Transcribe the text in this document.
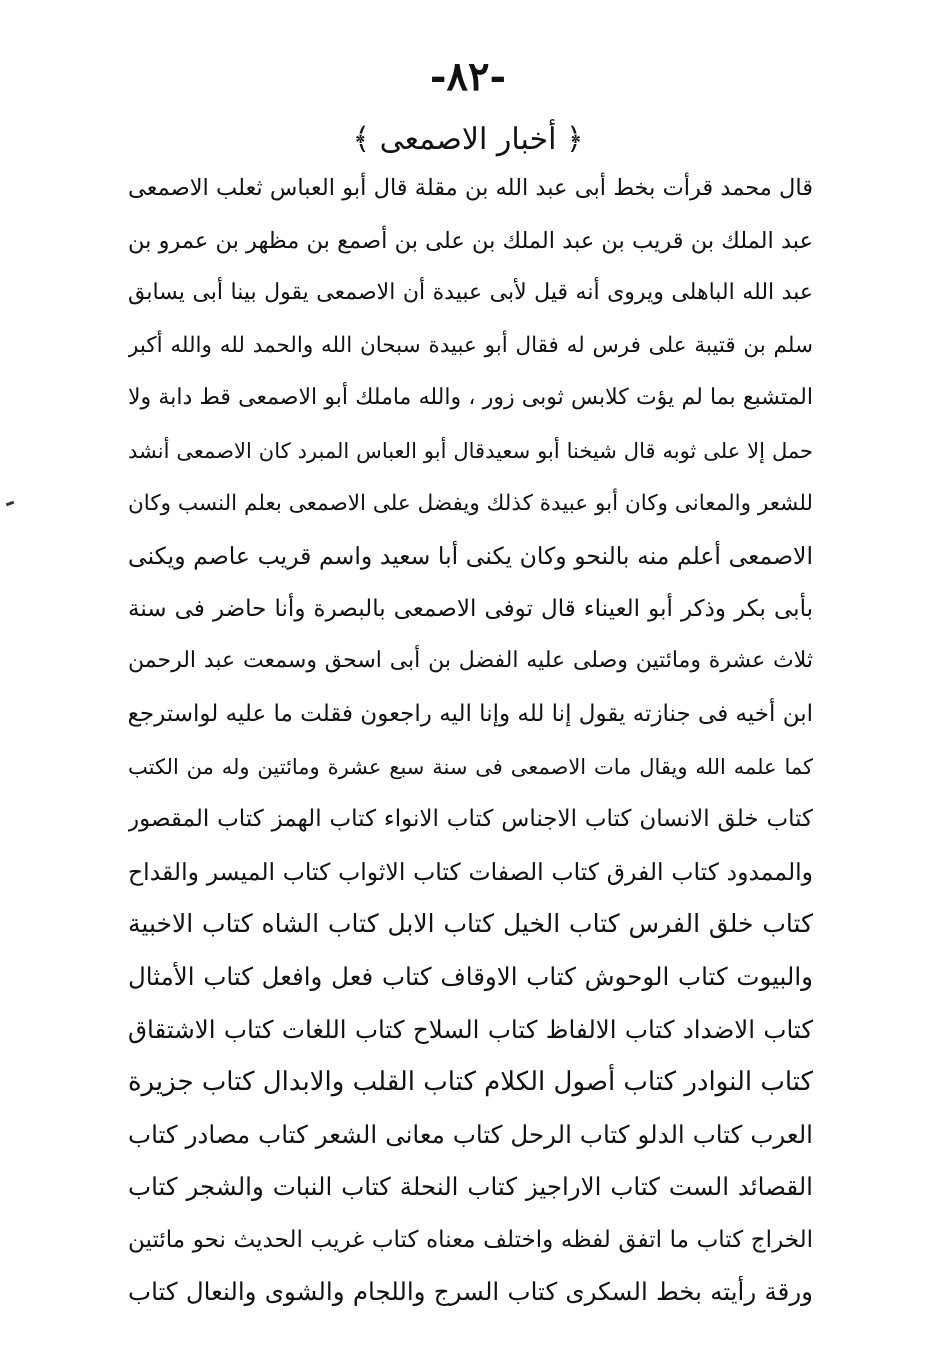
-٨٢-
﴿ أخبار الاصمعى ﴾
قال محمد قرأت بخط أبى عبد الله بن مقلة قال أبو العباس ثعلب الاصمعى
عبد الملك بن قريب بن عبد الملك بن على بن أصمع بن مظهر بن عمرو بن
عبد الله الباهلى ويروى أنه قيل لأبى عبيدة أن الاصمعى يقول بينا أبى يسابق
سلم بن قتيبة على فرس له فقال أبو عبيدة سبحان الله والحمد لله والله أكبر
المتشبع بما لم يؤت كلابس ثوبى زور ، والله ماملك أبو الاصمعى قط دابة ولا
حمل إلا على ثوبه قال شيخنا أبو سعيدقال أبو العباس المبرد كان الاصمعى أنشد
للشعر والمعانى وكان أبو عبيدة كذلك ويفضل على الاصمعى بعلم النسب وكان
الاصمعى أعلم منه بالنحو وكان يكنى أبا سعيد واسم قريب عاصم ويكنى
بأبى بكر وذكر أبو العيناء قال توفى الاصمعى بالبصرة وأنا حاضر فى سنة
ثلاث عشرة ومائتين وصلى عليه الفضل بن أبى اسحق وسمعت عبد الرحمن
ابن أخيه فى جنازته يقول إنا لله وإنا اليه راجعون فقلت ما عليه لواسترجع
كما علمه الله ويقال مات الاصمعى فى سنة سبع عشرة ومائتين وله من الكتب
كتاب خلق الانسان كتاب الاجناس كتاب الانواء كتاب الهمز كتاب المقصور
والممدود كتاب الفرق كتاب الصفات كتاب الاثواب كتاب الميسر والقداح
كتاب خلق الفرس كتاب الخيل كتاب الابل كتاب الشاه كتاب الاخبية
والبيوت كتاب الوحوش كتاب الاوقاف كتاب فعل وافعل كتاب الأمثال
كتاب الاضداد كتاب الالفاظ كتاب السلاح كتاب اللغات كتاب الاشتقاق
كتاب النوادر كتاب أصول الكلام كتاب القلب والابدال كتاب جزيرة
العرب كتاب الدلو كتاب الرحل كتاب معانى الشعر كتاب مصادر كتاب
القصائد الست كتاب الاراجيز كتاب النحلة كتاب النبات والشجر كتاب
الخراج كتاب ما اتفق لفظه واختلف معناه كتاب غريب الحديث نحو مائتين
ورقة رأيته بخط السكرى كتاب السرج واللجام والشوى والنعال كتاب
